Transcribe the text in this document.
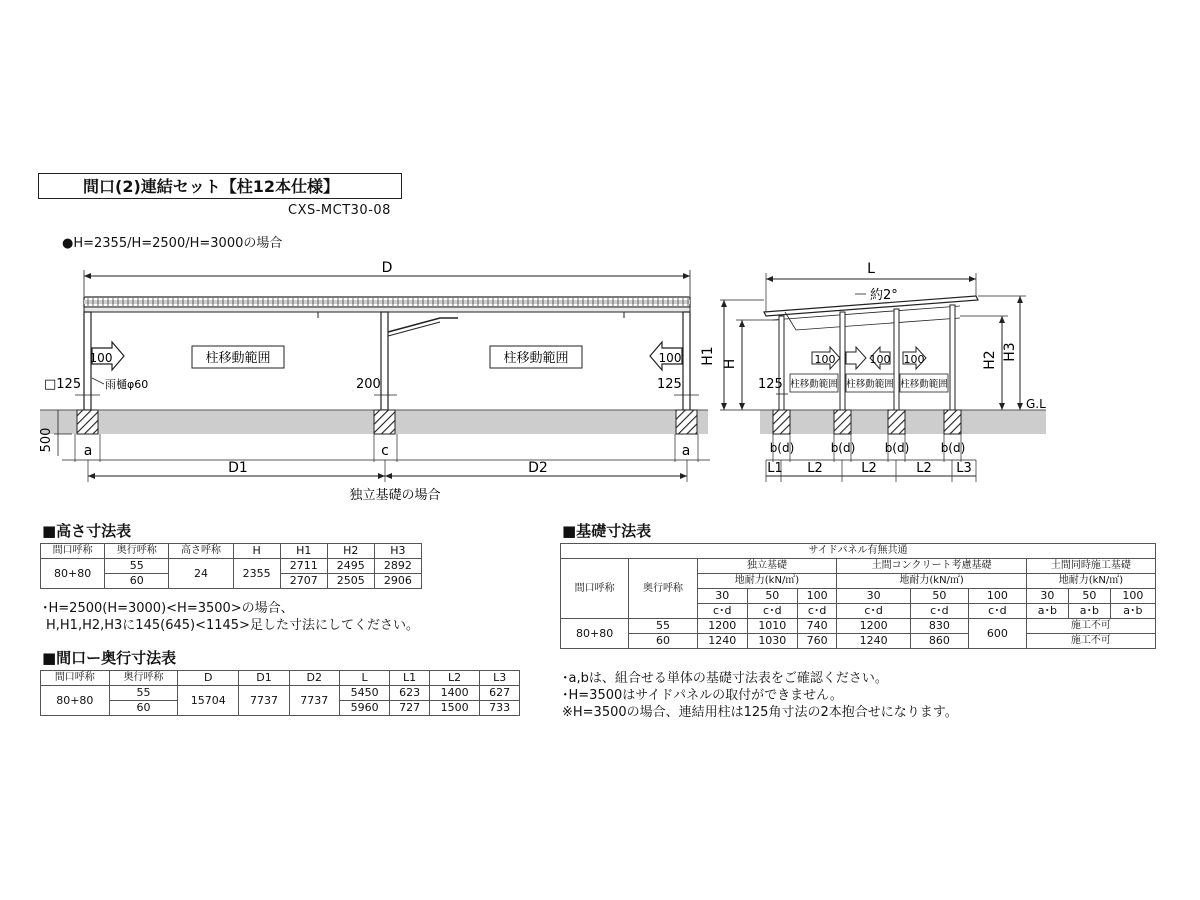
間口(2)連結セット【柱12本仕様】
CXS-MCT30-08
●H=2355/H=2500/H=3000の場合
D
100	100
柱移動範囲	柱移動範囲
□125 雨樋φ60	200	125
500 a	c	a
D1	D2
独立基礎の場合
L
約2°
H1 H	H2 H3
G.L
125
100	100 100
柱移動範囲 柱移動範囲 柱移動範囲
b(d)	b(d) b(d)	b(d)
L1 L2	L2	L2 L3
■高さ寸法表
間口呼称	奥行呼称	高さ呼称	H	H1	H2	H3
80+80	55	24	2355	2711	2495	2892
	60			2707	2505	2906
･H=2500(H=3000)<H=3500>の場合、
H,H1,H2,H3に145(645)<1145>足した寸法にしてください。
■間口ー奥行寸法表
間口呼称	奥行呼称	D	D1	D2	L	L1	L2	L3
80+80	55	15704	7737	7737	5450	623	1400	627
	60				5960	727	1500	733
■基礎寸法表
サイドパネル有無共通										
間口呼称	奥行呼称	独立基礎			土間コンクリート考慮基礎			土間同時施工基礎		
		地耐力(kN/㎡)			地耐力(kN/㎡)			地耐力(kN/㎡)		
		30	50	100	30	50	100	30	50	100
		c･d	c･d	c･d	c･d	c･d	c･d	a･b	a･b	a･b
80+80	55	1200	1010	740	1200	830	600	施工不可		
	60	1240	1030	760	1240	860		施工不可		
･a,bは、組合せる単体の基礎寸法表をご確認ください。
･H=3500はサイドパネルの取付ができません。
※H=3500の場合、連結用柱は125角寸法の2本抱合せになります。
